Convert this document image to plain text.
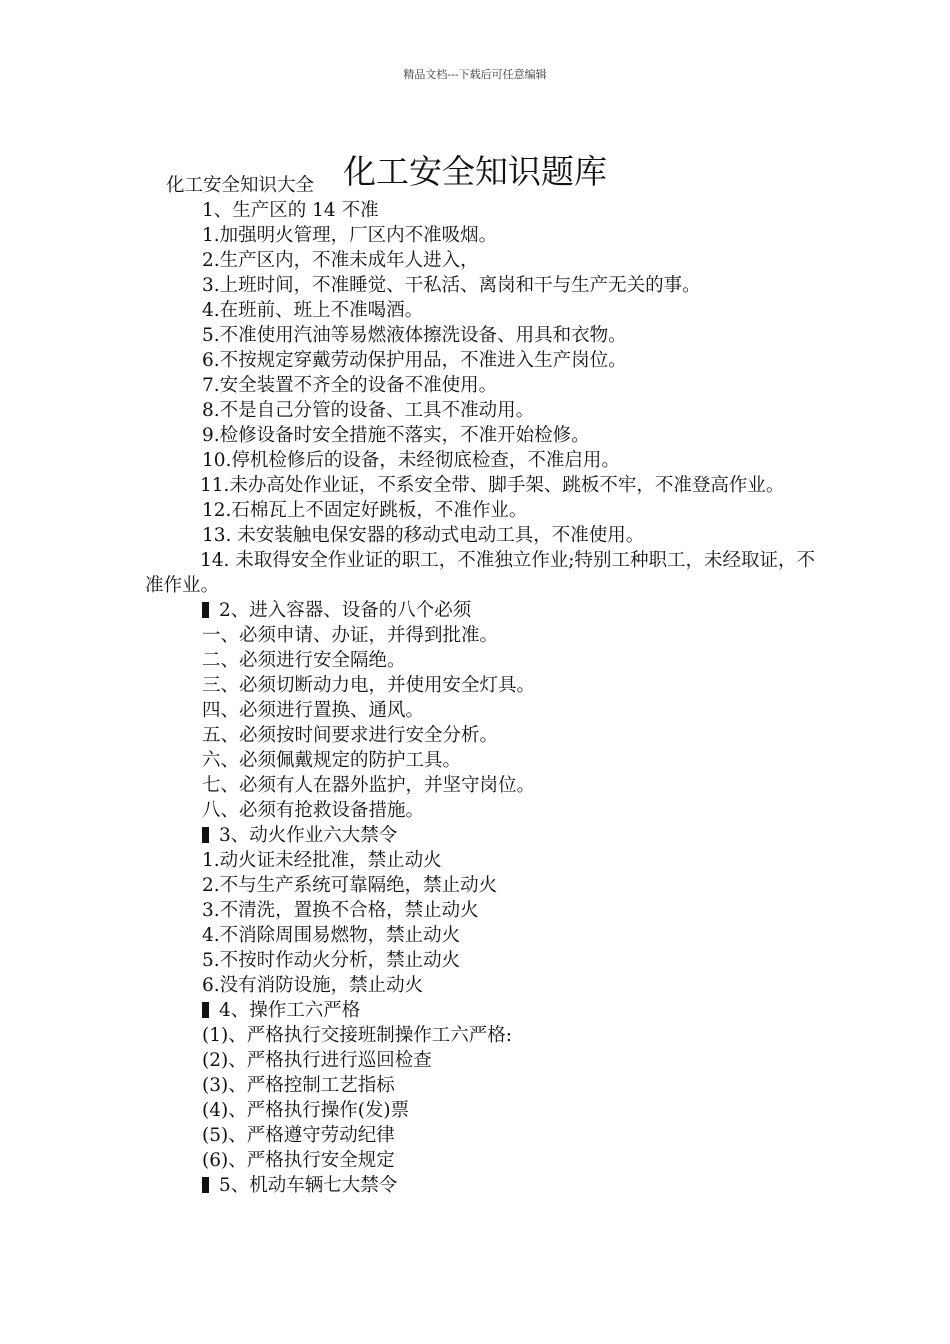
精品文档---下载后可任意编辑
化工安全知识题库

化工安全知识大全

1、生产区的 14 不准

1.加强明火管理，厂区内不准吸烟。

2.生产区内，不准未成年人进入，

3.上班时间，不准睡觉、干私活、离岗和干与生产无关的事。

4.在班前、班上不准喝酒。

5.不准使用汽油等易燃液体擦洗设备、用具和衣物。

6.不按规定穿戴劳动保护用品，不准进入生产岗位。

7.安全装置不齐全的设备不准使用。

8.不是自己分管的设备、工具不准动用。

9.检修设备时安全措施不落实，不准开始检修。

10.停机检修后的设备，未经彻底检查，不准启用。

11.未办高处作业证，不系安全带、脚手架、跳板不牢，不准登高作业。

12.石棉瓦上不固定好跳板，不准作业。

13. 未安装触电保安器的移动式电动工具，不准使用。

14. 未取得安全作业证的职工，不准独立作业;特别工种职工，未经取证，不准作业。

2、进入容器、设备的八个必须

一、必须申请、办证，并得到批准。

二、必须进行安全隔绝。

三、必须切断动力电，并使用安全灯具。

四、必须进行置换、通风。

五、必须按时间要求进行安全分析。

六、必须佩戴规定的防护工具。

七、必须有人在器外监护，并坚守岗位。

八、必须有抢救设备措施。

3、动火作业六大禁令

1.动火证未经批准，禁止动火

2.不与生产系统可靠隔绝，禁止动火

3.不清洗，置换不合格，禁止动火

4.不消除周围易燃物，禁止动火

5.不按时作动火分析，禁止动火

6.没有消防设施，禁止动火

4、操作工六严格

(1)、严格执行交接班制操作工六严格:

(2)、严格执行进行巡回检查

(3)、严格控制工艺指标

(4)、严格执行操作(发)票

(5)、严格遵守劳动纪律

(6)、严格执行安全规定

5、机动车辆七大禁令
